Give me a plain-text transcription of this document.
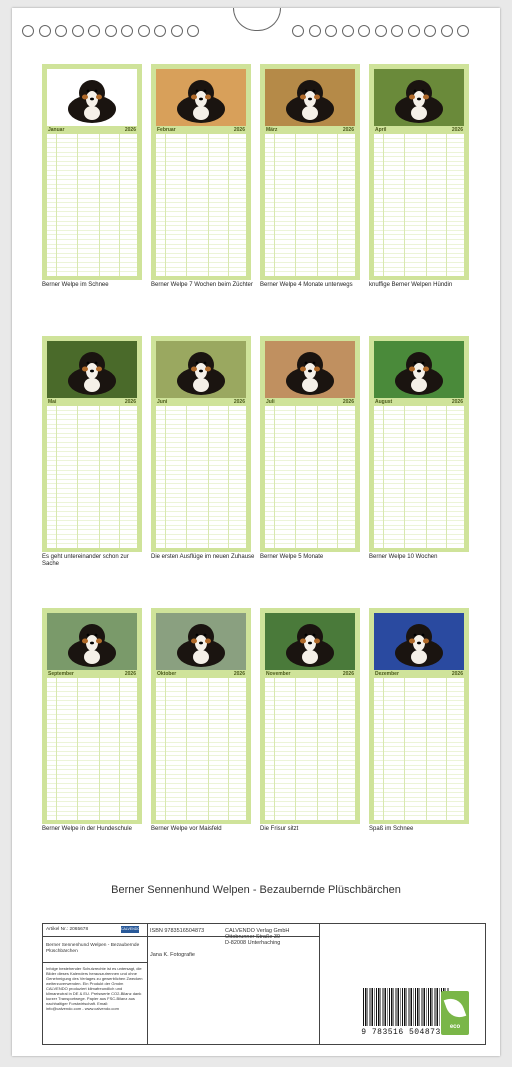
Januar	2026
Berner Welpe im Schnee
Februar	2026
Berner Welpe 7 Wochen beim Züchter
März	2026
Berner Welpe 4 Monate unterwegs
April	2026
knuffige Berner Welpen Hündin
Mai	2026
Es geht untereinander schon zur Sache
Juni	2026
Die ersten Ausflüge im neuen Zuhause
Juli	2026
Berner Welpe 5 Monate
August	2026
Berner Welpe 10 Wochen
September	2026
Berner Welpe in der Hundeschule
Oktober	2026
Berner Welpe vor Maisfeld
November	2026
Die Frisur sitzt
Dezember	2026
Spaß im Schnee
Berner Sennenhund Welpen - Bezaubernde Plüschbärchen
Artikel Nr.: 2065678	CALVENDO
Berner Sennenhund Welpen - Bezaubernde Plüschbärchen
Infolge bestehender Schutzrechte ist es untersagt, die Bilder dieses Kalenders herauszutrennen und ohne Genehmigung des Verlages zu gewerblichen Zwecken weiterzuverwenden. Ein Produkt der Gmdm CALVENDO produziert klimafreundlich und klimaneutral in DE & EU. Preiswerte CO2-Bilanz dank kurzer Transportwege. Papier aus FSC-Bilanz aus nachhaltiger Forstwirtschaft. Email: info@calvendo.com - www.calvendo.com
ISBN 9783516504873
Jana K. Fotografie
CALVENDO Verlag GmbH
Ottobrunner Straße 39
D-82008 Unterhaching
9 783516 504873
eco
